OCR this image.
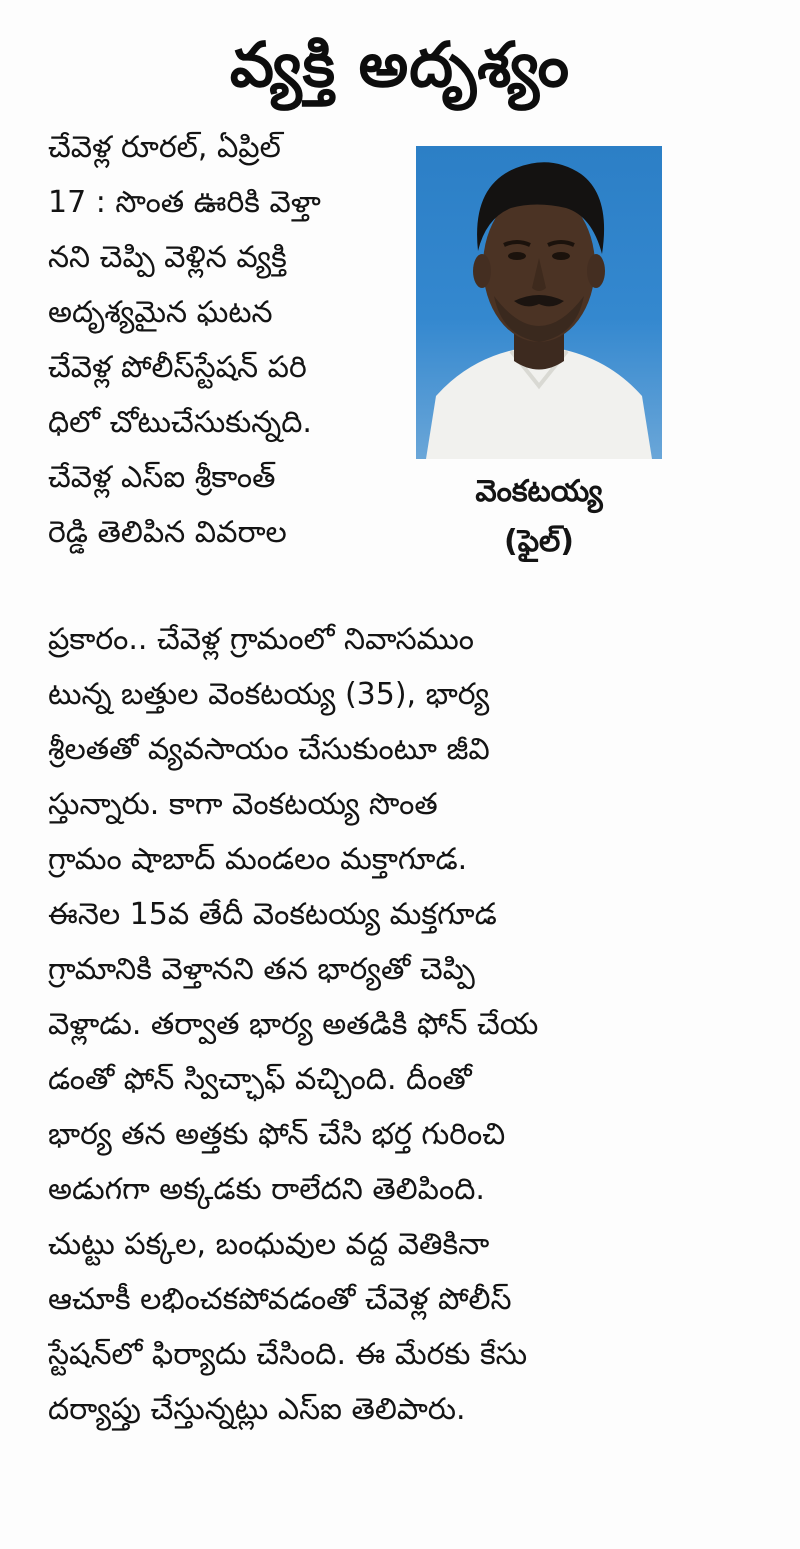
వ్యక్తి అదృశ్యం
చేవెళ్ల రూరల్, ఏప్రిల్
17 : సొంత ఊరికి వెళ్తా
నని చెప్పి వెళ్లిన వ్యక్తి
అదృశ్యమైన ఘటన
చేవెళ్ల పోలీస్‌స్టేషన్ పరి
ధిలో చోటుచేసుకున్నది.
చేవెళ్ల ఎస్ఐ శ్రీకాంత్
రెడ్డి తెలిపిన వివరాల
వెంకటయ్య
(ఫైల్)
ప్రకారం.. చేవెళ్ల గ్రామంలో నివాసముం
టున్న బత్తుల వెంకటయ్య (35), భార్య
శ్రీలతతో వ్యవసాయం చేసుకుంటూ జీవి
స్తున్నారు. కాగా వెంకటయ్య సొంత
గ్రామం షాబాద్ మండలం మక్తాగూడ.
ఈనెల 15వ తేదీ వెంకటయ్య మక్తగూడ
గ్రామానికి వెళ్తానని తన భార్యతో చెప్పి
వెళ్లాడు. తర్వాత భార్య అతడికి ఫోన్ చేయ
డంతో ఫోన్ స్విచ్ఛాఫ్ వచ్చింది. దీంతో
భార్య తన అత్తకు ఫోన్ చేసి భర్త గురించి
అడుగగా అక్కడకు రాలేదని తెలిపింది.
చుట్టు పక్కల, బంధువుల వద్ద వెతికినా
ఆచూకీ లభించకపోవడంతో చేవెళ్ల పోలీస్
స్టేషన్‌లో ఫిర్యాదు చేసింది. ఈ మేరకు కేసు
దర్యాప్తు చేస్తున్నట్లు ఎస్ఐ తెలిపారు.
